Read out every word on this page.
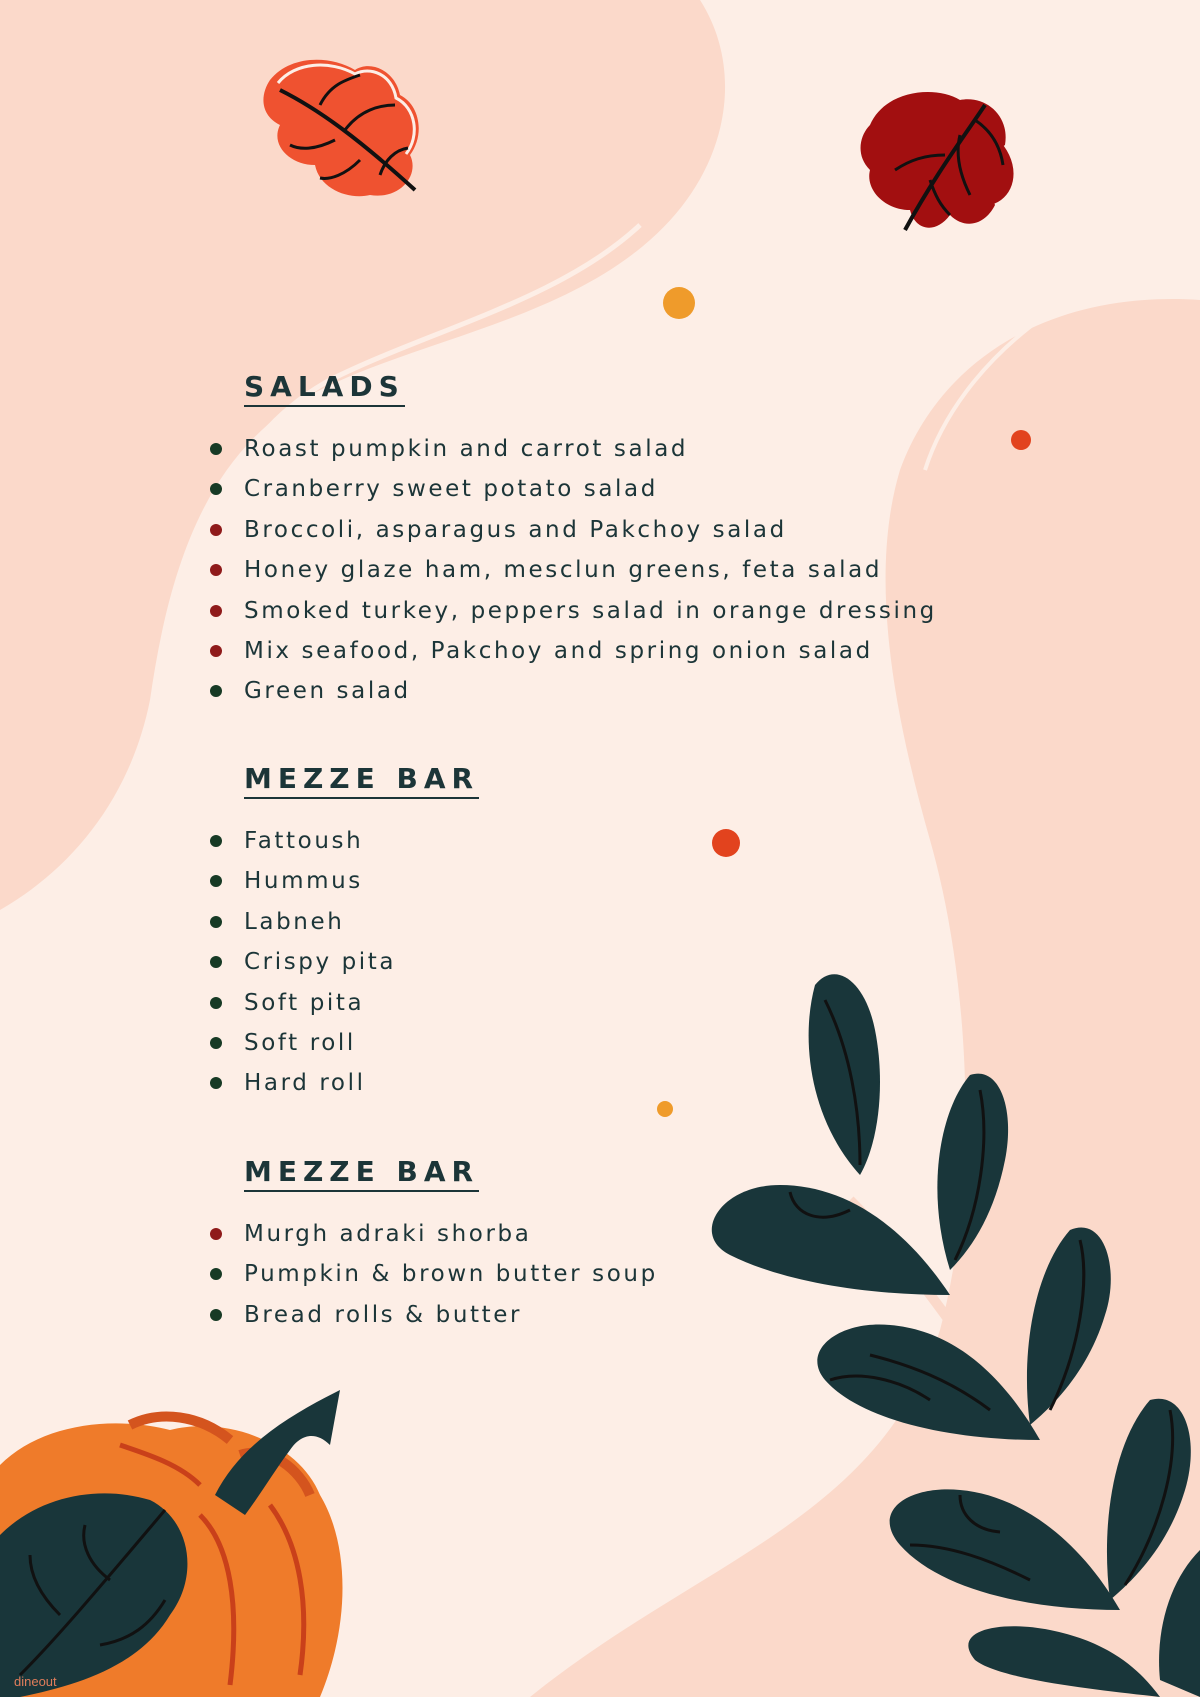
SALADS
Roast pumpkin and carrot salad
Cranberry sweet potato salad
Broccoli, asparagus and Pakchoy salad
Honey glaze ham, mesclun greens, feta salad
Smoked turkey, peppers salad in orange dressing
Mix seafood, Pakchoy and spring onion salad
Green salad
MEZZE BAR
Fattoush
Hummus
Labneh
Crispy pita
Soft pita
Soft roll
Hard roll
MEZZE BAR
Murgh adraki shorba
Pumpkin & brown butter soup
Bread rolls & butter
dineout
